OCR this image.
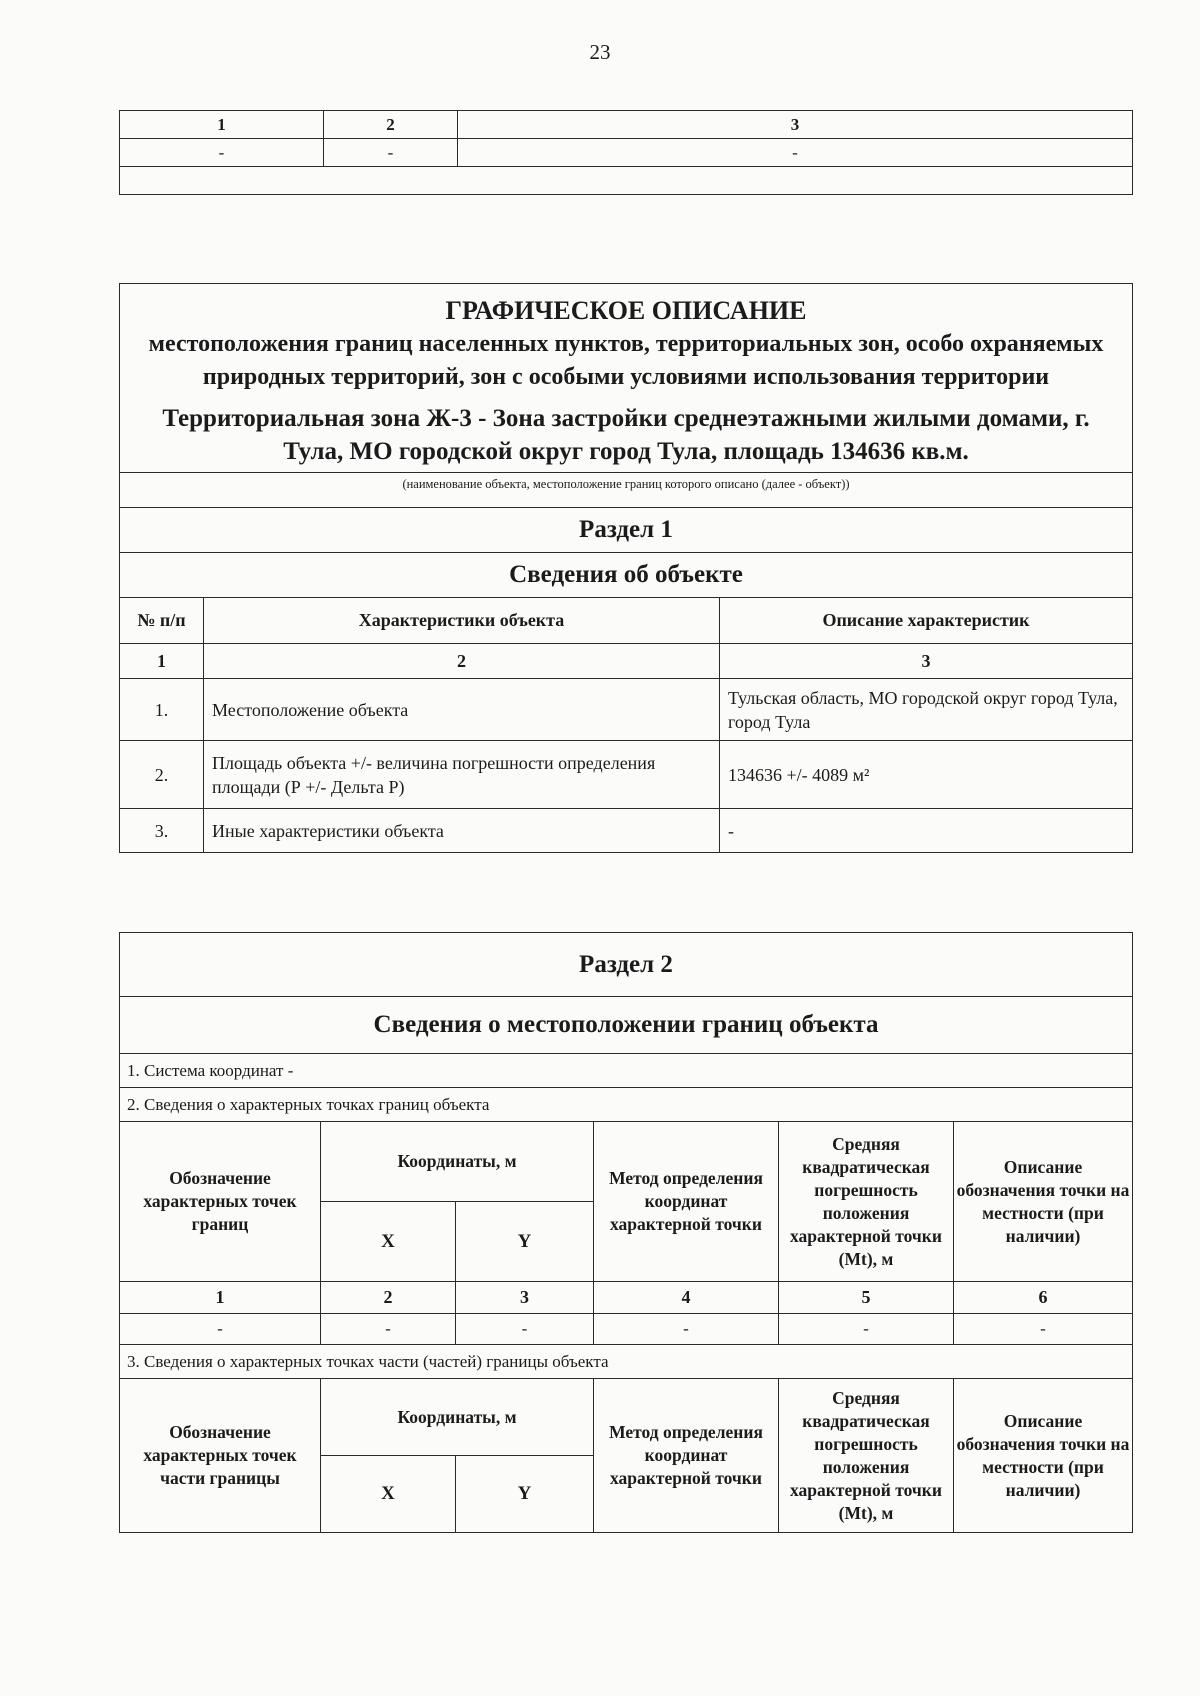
23
1	2	3
-	-	-

ГРАФИЧЕСКОЕ ОПИСАНИЕ
местоположения границ населенных пунктов, территориальных зон, особо охраняемых природных территорий, зон с особыми условиями использования территории
Территориальная зона Ж-3 - Зона застройки среднеэтажными жилыми домами, г. Тула, МО городской округ город Тула, площадь 134636 кв.м.		

(наименование объекта, местоположение границ которого описано (далее - объект))		
Раздел 1		
Сведения об объекте		
№ п/п	Характеристики объекта	Описание характеристик
1	2	3
1.	Местоположение объекта	Тульская область, МО городской округ город Тула, город Тула
2.	Площадь объекта +/- величина погрешности определения площади (Р +/- Дельта Р)	134636 +/- 4089 м²
3.	Иные характеристики объекта	-
Раздел 2					
Сведения о местоположении границ объекта					
1. Система координат -					
2. Сведения о характерных точках границ объекта					
Обозначение характерных точек границ	Координаты, м		Метод определения координат характерной точки	Средняя квадратическая погрешность положения характерной точки (Mt), м	Описание обозначения точки на местности (при наличии)
	X	Y			
1	2	3	4	5	6
-	-	-	-	-	-
3. Сведения о характерных точках части (частей) границы объекта					
Обозначение характерных точек части границы	Координаты, м		Метод определения координат характерной точки	Средняя квадратическая погрешность положения характерной точки (Mt), м	Описание обозначения точки на местности (при наличии)
	X	Y			
